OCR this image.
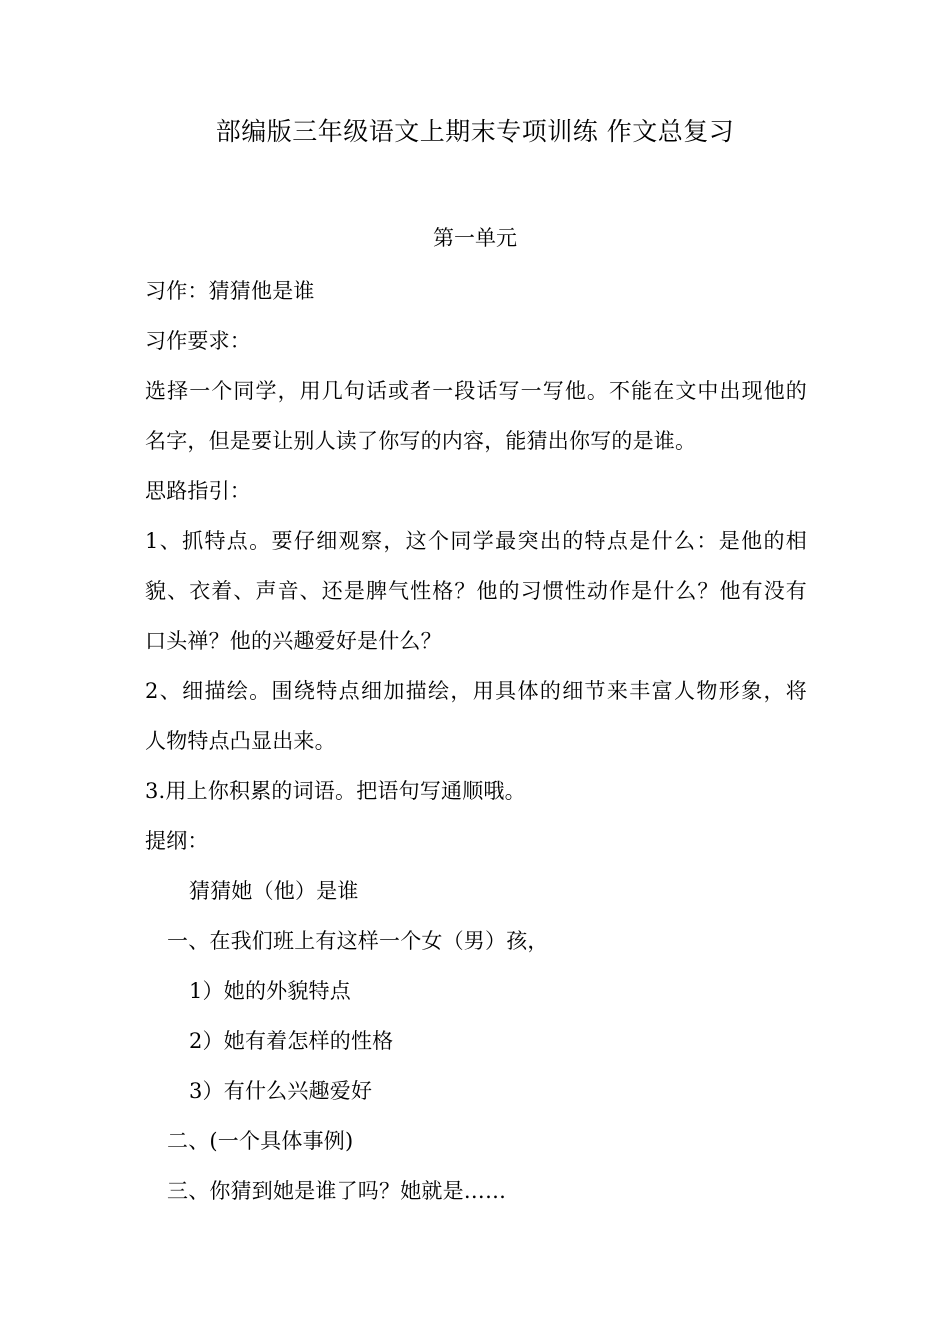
部编版三年级语文上期末专项训练 作文总复习
第一单元
习作：猜猜他是谁
习作要求：
选择一个同学，用几句话或者一段话写一写他。不能在文中出现他的
名字，但是要让别人读了你写的内容，能猜出你写的是谁。
思路指引：
1、抓特点。要仔细观察，这个同学最突出的特点是什么：是他的相
貌、衣着、声音、还是脾气性格？他的习惯性动作是什么？他有没有
口头禅？他的兴趣爱好是什么？
2、细描绘。围绕特点细加描绘，用具体的细节来丰富人物形象，将
人物特点凸显出来。
3.用上你积累的词语。把语句写通顺哦。
提纲：
猜猜她（他）是谁
一、在我们班上有这样一个女（男）孩，
1）她的外貌特点
2）她有着怎样的性格
3）有什么兴趣爱好
二、(一个具体事例)
三、你猜到她是谁了吗？她就是……
